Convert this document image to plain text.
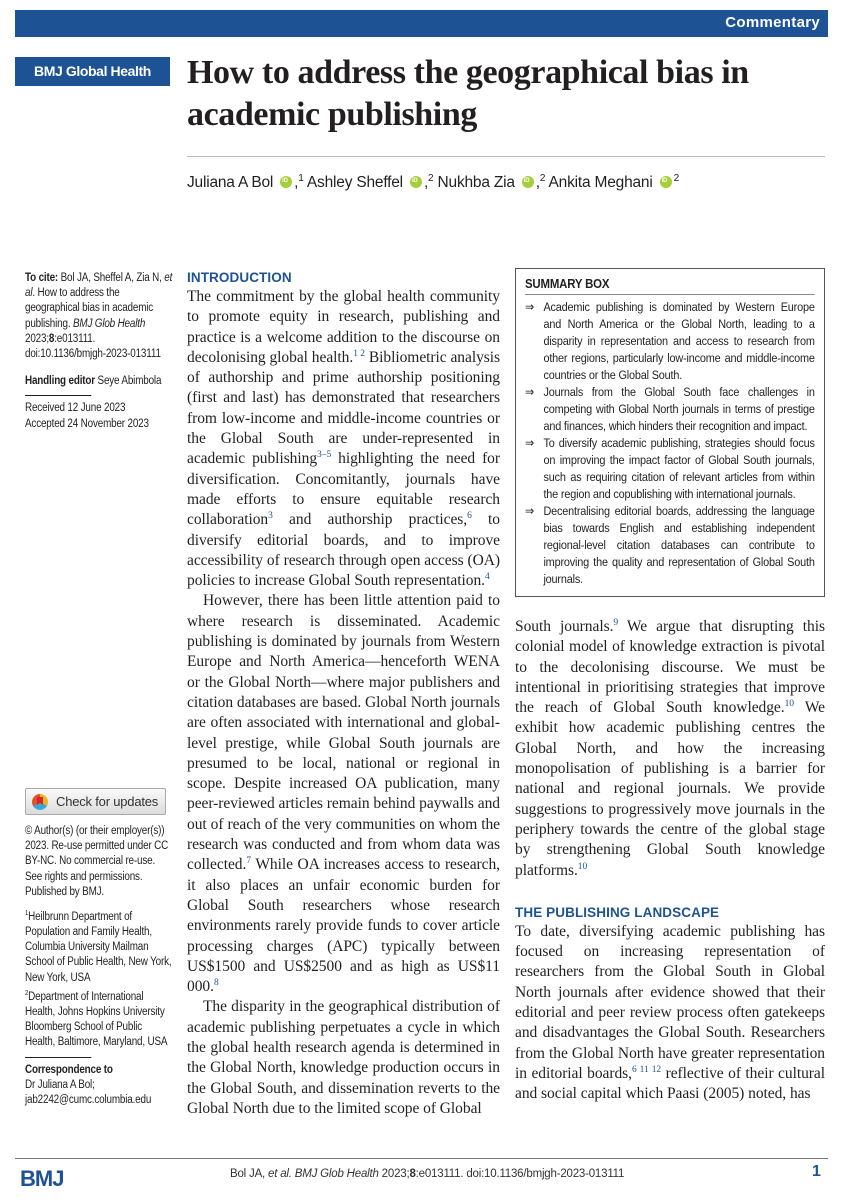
Commentary
BMJ Global Health	How to address the geographical bias in academic publishing
Juliana A Bol iD ,$^1$ Ashley Sheffel iD ,$^2$ Nukhba Zia iD ,$^2$ Ankita Meghani iD $^2$

To cite: Bol JA, Sheffel A, Zia N, et al. How to address the geographical bias in academic publishing. BMJ Glob Health 2023;8:e013111. doi:10.1136/bmjgh-2023-013111

Handling editor Seye Abimbola

Received 12 June 2023
Accepted 24 November 2023
Check for updates

© Author(s) (or their employer(s)) 2023. Re-use permitted under CC BY-NC. No commercial re-use. See rights and permissions. Published by BMJ.

$^1$Heilbrunn Department of Population and Family Health, Columbia University Mailman School of Public Health, New York, New York, USA

$^2$Department of International Health, Johns Hopkins University Bloomberg School of Public Health, Baltimore, Maryland, USA

Correspondence to
Dr Juliana A Bol;
jab2242@cumc.columbia.edu
INTRODUCTION

The commitment by the global health community to promote equity in research, publishing and practice is a welcome addition to the discourse on decolonising global health.$^{1 2}$ Bibliometric analysis of authorship and prime authorship positioning (first and last) has demonstrated that researchers from low-income and middle-income countries or the Global South are under-represented in academic publishing$^{3-5}$ highlighting the need for diversification. Concomitantly, journals have made efforts to ensure equitable research collaboration$^3$ and authorship practices,$^6$ to diversify editorial boards, and to improve accessibility of research through open access (OA) policies to increase Global South representation.$^4$

However, there has been little attention paid to where research is disseminated. Academic publishing is dominated by journals from Western Europe and North America—henceforth WENA or the Global North—where major publishers and citation databases are based. Global North journals are often associated with international and global-level prestige, while Global South journals are presumed to be local, national or regional in scope. Despite increased OA publication, many peer-reviewed articles remain behind paywalls and out of reach of the very communities on whom the research was conducted and from whom data was collected.$^7$ While OA increases access to research, it also places an unfair economic burden for Global South researchers whose research environments rarely provide funds to cover article processing charges (APC) typically between US$1500 and US$2500 and as high as US$11 000.$^8$

The disparity in the geographical distribution of academic publishing perpetuates a cycle in which the global health research agenda is determined in the Global North, knowledge production occurs in the Global South, and dissemination reverts to the Global North due to the limited scope of Global

SUMMARY BOX
⇒ Academic publishing is dominated by Western Europe and North America or the Global North, leading to a disparity in representation and access to research from other regions, particularly low-income and middle-income countries or the Global South.
⇒ Journals from the Global South face challenges in competing with Global North journals in terms of prestige and finances, which hinders their recognition and impact.
⇒ To diversify academic publishing, strategies should focus on improving the impact factor of Global South journals, such as requiring citation of relevant articles from within the region and copublishing with international journals.
⇒ Decentralising editorial boards, addressing the language bias towards English and establishing independent regional-level citation databases can contribute to improving the quality and representation of Global South journals.

South journals.$^9$ We argue that disrupting this colonial model of knowledge extraction is pivotal to the decolonising discourse. We must be intentional in prioritising strategies that improve the reach of Global South knowledge.$^{10}$ We exhibit how academic publishing centres the Global North, and how the increasing monopolisation of publishing is a barrier for national and regional journals. We provide suggestions to progressively move journals in the periphery towards the centre of the global stage by strengthening Global South knowledge platforms.$^{10}$

THE PUBLISHING LANDSCAPE

To date, diversifying academic publishing has focused on increasing representation of researchers from the Global South in Global North journals after evidence showed that their editorial and peer review process often gatekeeps and disadvantages the Global South. Researchers from the Global North have greater representation in editorial boards,$^{6 11 12}$ reflective of their cultural and social capital which Paasi (2005) noted, has

BMJ	Bol JA, et al. BMJ Glob Health 2023;8:e013111. doi:10.1136/bmjgh-2023-013111	1
